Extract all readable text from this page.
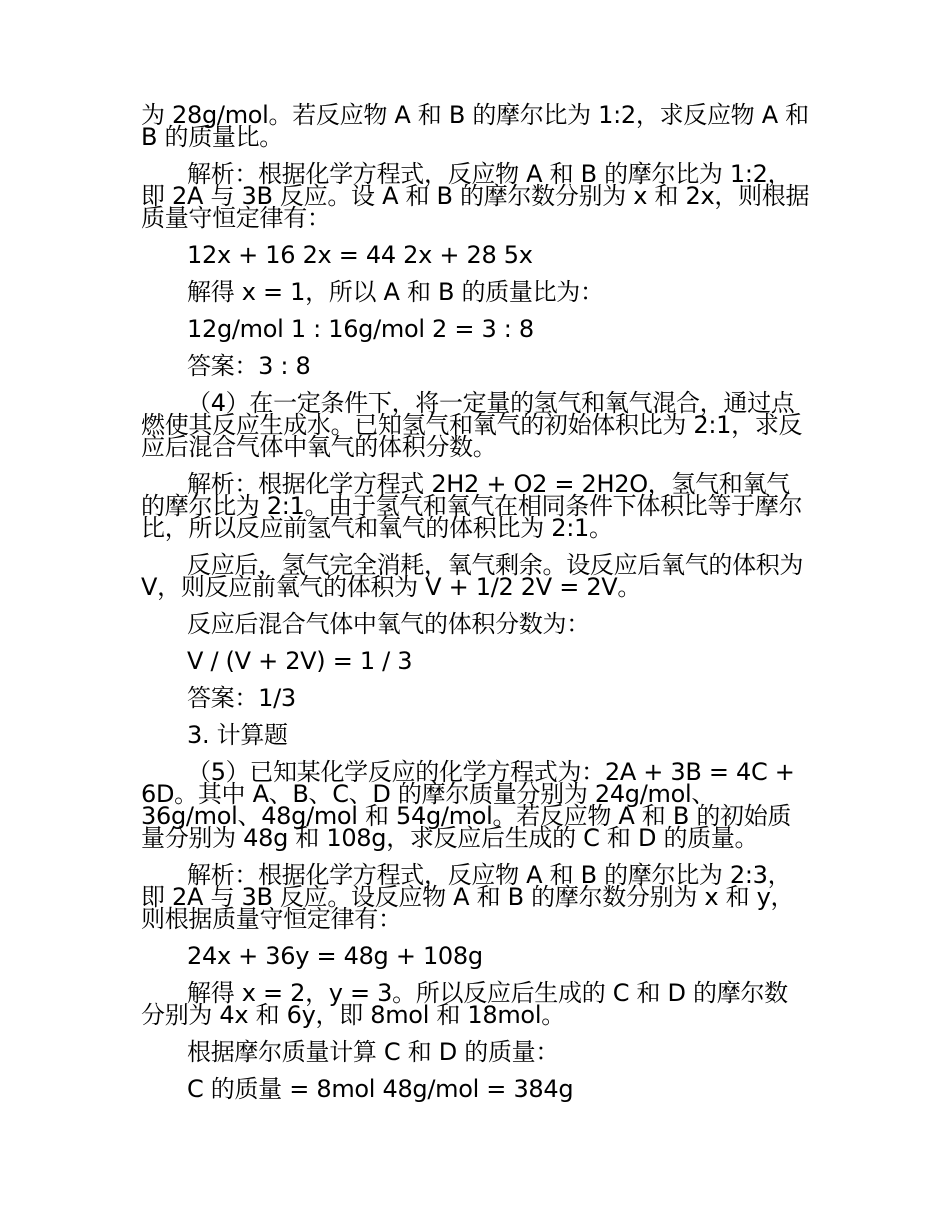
为 28g/mol。若反应物 A 和 B 的摩尔比为 1:2，求反应物 A 和 B 的质量比。

解析：根据化学方程式，反应物 A 和 B 的摩尔比为 1:2，即 2A 与 3B 反应。设 A 和 B 的摩尔数分别为 x 和 2x，则根据质量守恒定律有：

12x + 16 2x = 44 2x + 28 5x

解得 x = 1，所以 A 和 B 的质量比为：

12g/mol 1 : 16g/mol 2 = 3 : 8

答案：3 : 8

（4）在一定条件下，将一定量的氢气和氧气混合，通过点燃使其反应生成水。已知氢气和氧气的初始体积比为 2:1，求反应后混合气体中氧气的体积分数。

解析：根据化学方程式 2H2 + O2 = 2H2O，氢气和氧气的摩尔比为 2:1。由于氢气和氧气在相同条件下体积比等于摩尔比，所以反应前氢气和氧气的体积比为 2:1。

反应后，氢气完全消耗，氧气剩余。设反应后氧气的体积为 V，则反应前氧气的体积为 V + 1/2 2V = 2V。

反应后混合气体中氧气的体积分数为：

V / (V + 2V) = 1 / 3

答案：1/3

3. 计算题

（5）已知某化学反应的化学方程式为：2A + 3B = 4C + 6D。其中 A、B、C、D 的摩尔质量分别为 24g/mol、36g/mol、48g/mol 和 54g/mol。若反应物 A 和 B 的初始质量分别为 48g 和 108g，求反应后生成的 C 和 D 的质量。

解析：根据化学方程式，反应物 A 和 B 的摩尔比为 2:3，即 2A 与 3B 反应。设反应物 A 和 B 的摩尔数分别为 x 和 y，则根据质量守恒定律有：

24x + 36y = 48g + 108g

解得 x = 2，y = 3。所以反应后生成的 C 和 D 的摩尔数分别为 4x 和 6y，即 8mol 和 18mol。

根据摩尔质量计算 C 和 D 的质量：

C 的质量 = 8mol 48g/mol = 384g
